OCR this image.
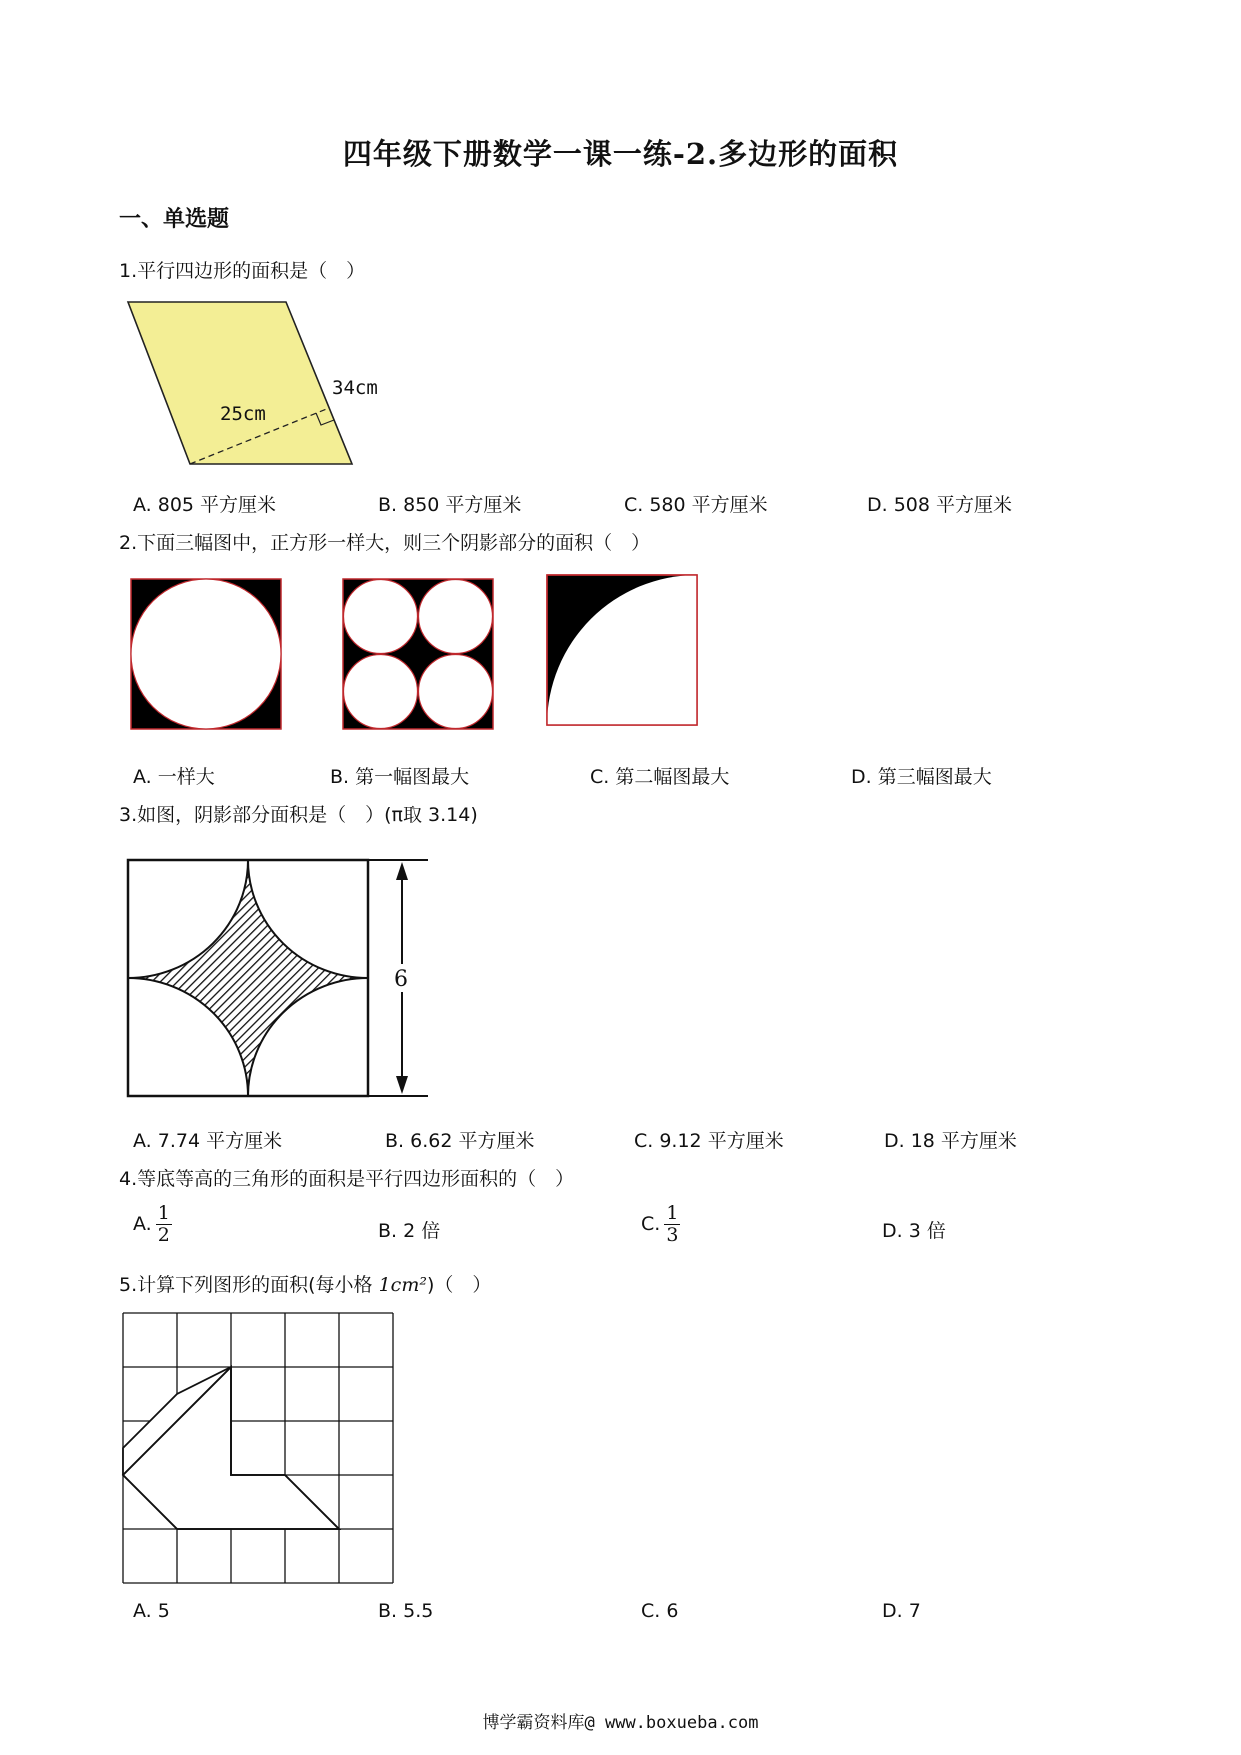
四年级下册数学一课一练-2.多边形的面积
一、单选题
1.平行四边形的面积是（　）
25cm
34cm
A. 805 平方厘米	B. 850 平方厘米	C. 580 平方厘米	D. 508 平方厘米
2.下面三幅图中，正方形一样大，则三个阴影部分的面积（　）
A. 一样大	B. 第一幅图最大	C. 第二幅图最大	D. 第三幅图最大
3.如图，阴影部分面积是（　）(π取 3.14)
6
A. 7.74 平方厘米	B. 6.62 平方厘米	C. 9.12 平方厘米	D. 18 平方厘米
4.等底等高的三角形的面积是平行四边形面积的（　）
A. $\frac{1}{2}$	B. 2 倍	C. $\frac{1}{3}$	D. 3 倍
5.计算下列图形的面积(每小格 1cm²)（　）
A. 5	B. 5.5	C. 6	D. 7
博学霸资料库@ www.boxueba.com
